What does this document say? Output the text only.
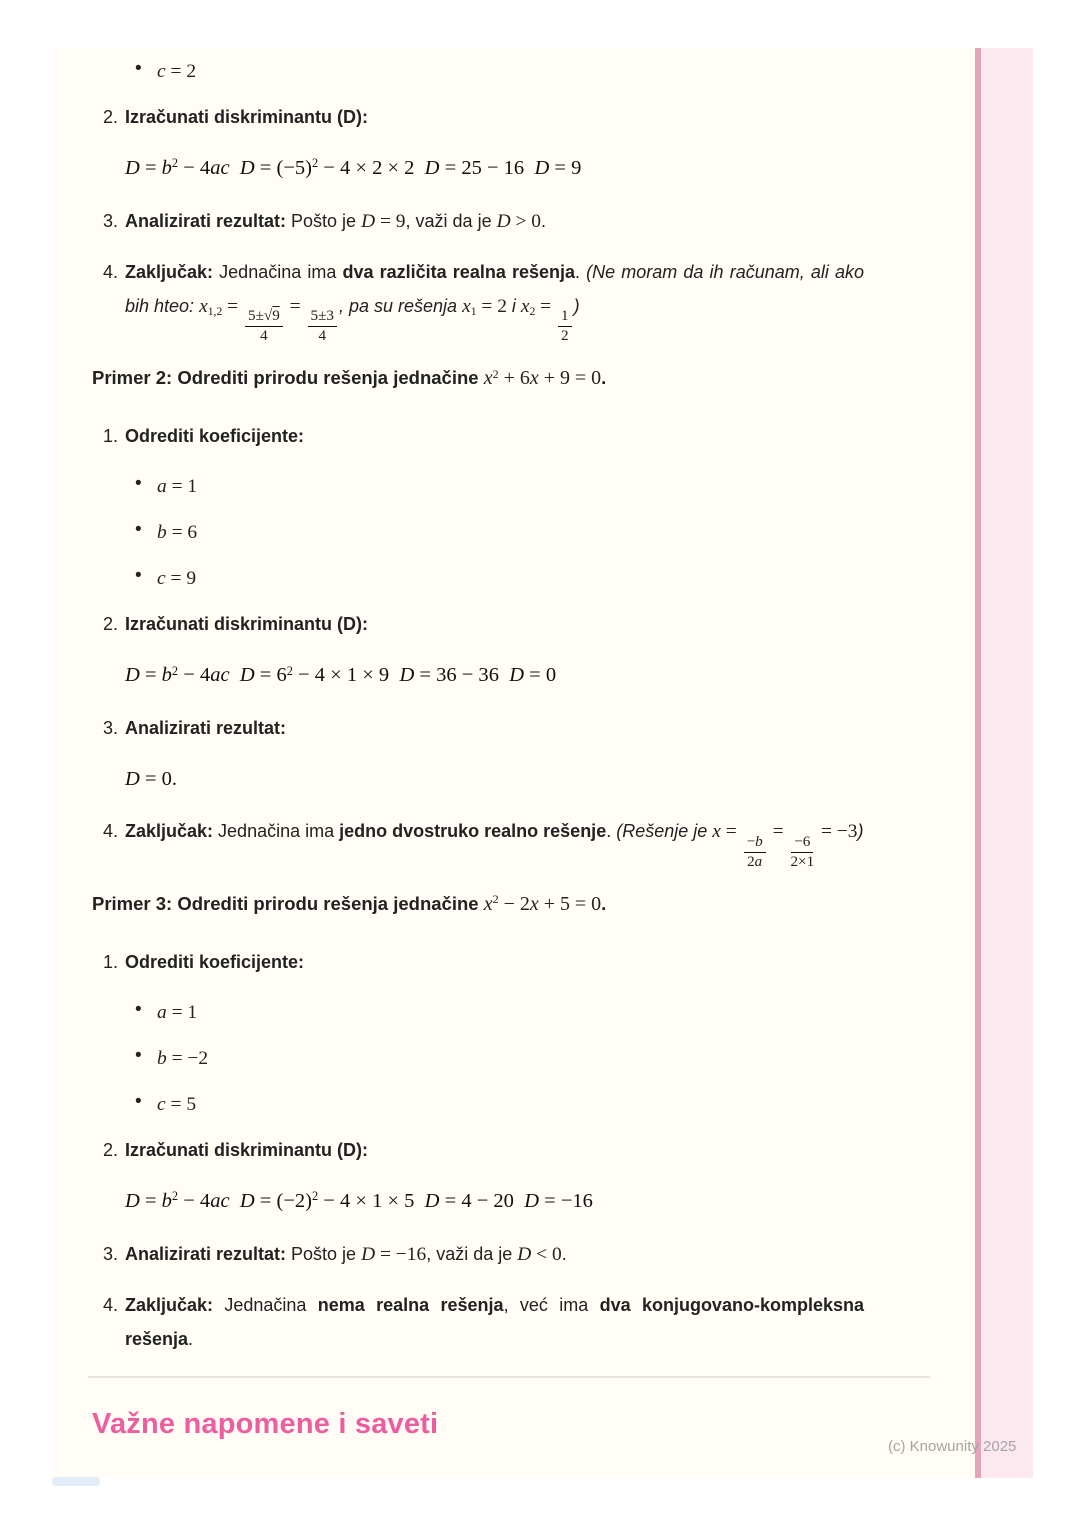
• c = 2
2. Izračunati diskriminantu (D):
$D = b^2 - 4ac$ $D = (-5)^2 - 4 \times 2 \times 2$  D = 25 − 16  D = 9
3. Analizirati rezultat: Pošto je D = 9, važi da je D > 0.
4. Zaključak: Jednačina ima dva različita realna rešenja. (Ne moram da ih računam, ali ako bih hteo: x1,2 =
$\frac{5\pm√9}{4}$
=
$\frac{5\pm 3}{4}$
, pa su rešenja x1 = 2 i x2 =
$\frac{1}{2}$
)
Primer 2: Odrediti prirodu rešenja jednačine $x^2 + 6x + 9 = 0$.
1. Odrediti koeficijente:
• a = 1
• b = 6
• c = 9
2. Izračunati diskriminantu (D):
$D = b^2 - 4ac$ $D = 6^2 - 4 \times 1 \times 9$  D = 36 − 36  D = 0
3. Analizirati rezultat:
D = 0.
4. Zaključak: Jednačina ima jedno dvostruko realno rešenje. (Rešenje je x =
$\frac{-b}{2a}$
=
$\frac{-6}{2\times 1}$
= −3)
Primer 3: Odrediti prirodu rešenja jednačine $x^2 - 2x + 5 = 0$.
1. Odrediti koeficijente:
• a = 1
• b = −2
• c = 5
2. Izračunati diskriminantu (D):
$D = b^2 - 4ac$ $D = (-2)^2 - 4 \times 1 \times 5$  D = 4 − 20  D = −16
3. Analizirati rezultat: Pošto je D = −16, važi da je D < 0.
4. Zaključak: Jednačina nema realna rešenja, već ima dva konjugovano-kompleksna rešenja.
Važne napomene i saveti
(c) Knowunity 2025
